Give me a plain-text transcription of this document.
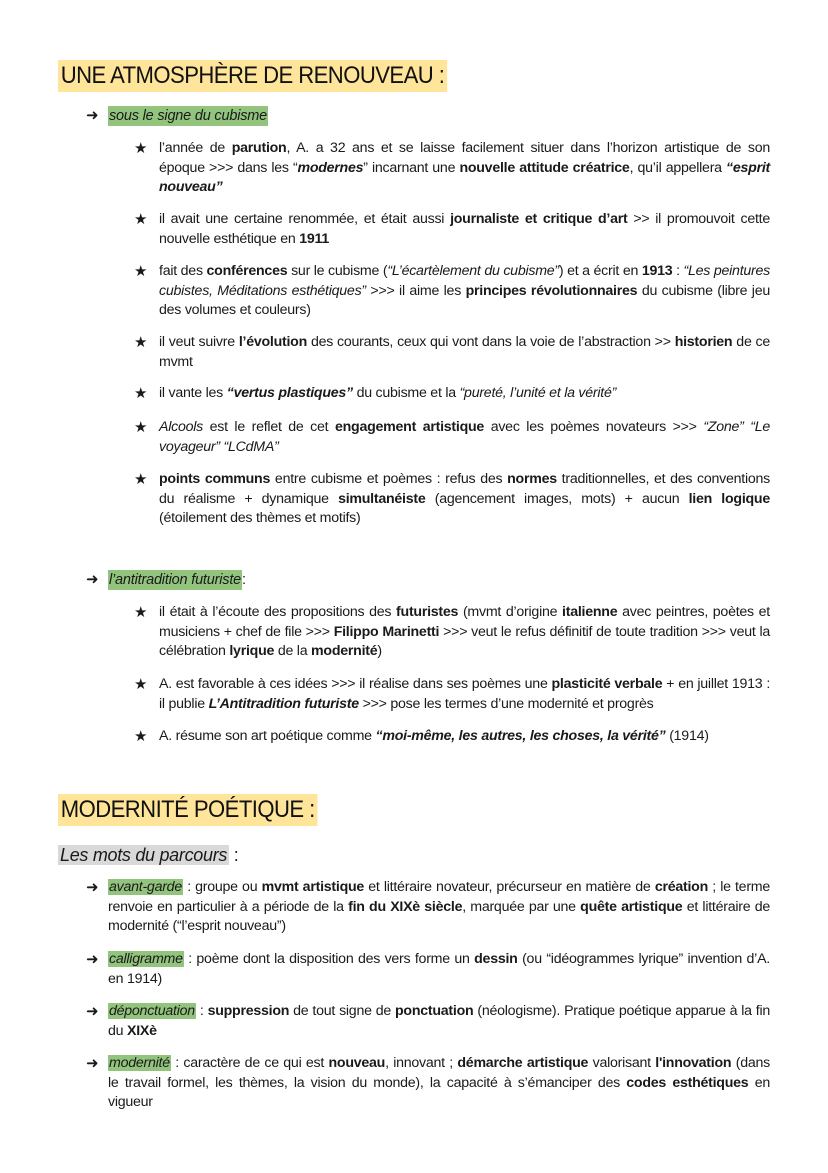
UNE ATMOSPHÈRE DE RENOUVEAU :
➜ sous le signe du cubisme
★ l’année de parution, A. a 32 ans et se laisse facilement situer dans l’horizon artistique de son époque >>> dans les “modernes” incarnant une nouvelle attitude créatrice, qu’il appellera “esprit nouveau”
★ il avait une certaine renommée, et était aussi journaliste et critique d’art >> il promouvoit cette nouvelle esthétique en 1911
★ fait des conférences sur le cubisme (“L’écartèlement du cubisme”) et a écrit en 1913 : “Les peintures cubistes, Méditations esthétiques” >>> il aime les principes révolutionnaires du cubisme (libre jeu des volumes et couleurs)
★ il veut suivre l’évolution des courants, ceux qui vont dans la voie de l’abstraction >> historien de ce mvmt
★ il vante les “vertus plastiques” du cubisme et la “pureté, l’unité et la vérité”
★ Alcools est le reflet de cet engagement artistique avec les poèmes novateurs >>> “Zone” “Le voyageur” “LCdMA”
★ points communs entre cubisme et poèmes : refus des normes traditionnelles, et des conventions du réalisme + dynamique simultanéiste (agencement images, mots) + aucun lien logique (étoilement des thèmes et motifs)
➜ l’antitradition futuriste :
★ il était à l’écoute des propositions des futuristes (mvmt d’origine italienne avec peintres, poètes et musiciens + chef de file >>> Filippo Marinetti >>> veut le refus définitif de toute tradition >>> veut la célébration lyrique de la modernité)
★ A. est favorable à ces idées >>> il réalise dans ses poèmes une plasticité verbale + en juillet 1913 : il publie L’Antitradition futuriste >>> pose les termes d’une modernité et progrès
★ A. résume son art poétique comme “moi-même, les autres, les choses, la vérité” (1914)
MODERNITÉ POÉTIQUE :
Les mots du parcours :
➜ avant-garde : groupe ou mvmt artistique et littéraire novateur, précurseur en matière de création ; le terme renvoie en particulier à a période de la fin du XIXè siècle, marquée par une quête artistique et littéraire de modernité (“l’esprit nouveau”)
➜ calligramme : poème dont la disposition des vers forme un dessin (ou “idéogrammes lyrique” invention d’A. en 1914)
➜ déponctuation : suppression de tout signe de ponctuation (néologisme). Pratique poétique apparue à la fin du XIXè
➜ modernité : caractère de ce qui est nouveau, innovant ; démarche artistique valorisant l'innovation (dans le travail formel, les thèmes, la vision du monde), la capacité à s’émanciper des codes esthétiques en vigueur
